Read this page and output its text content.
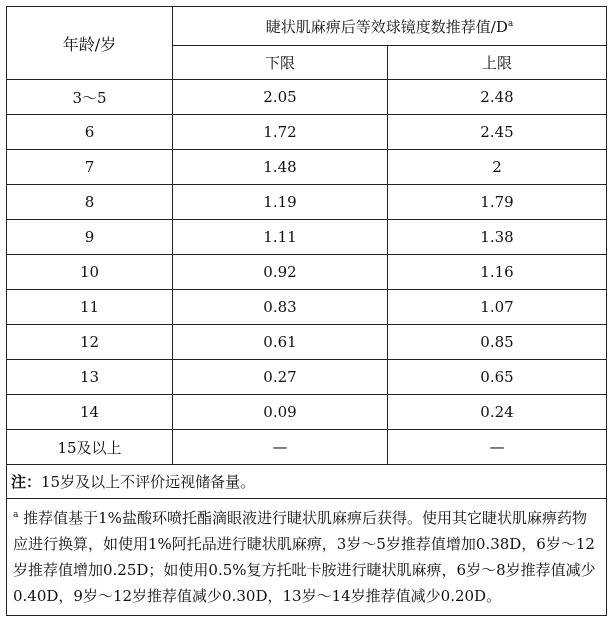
年龄/岁	睫状肌麻痹后等效球镜度数推荐值$/D^a$
	下限	上限
3～5	2.05	2.48
6	1.72	2.45
7	1.48	2
8	1.19	1.79
9	1.11	1.38
10	0.92	1.16
11	0.83	1.07
12	0.61	0.85
13	0.27	0.65
14	0.09	0.24
15及以上	—	—
注：15岁及以上不评价远视储备量。		
$^a$ 推荐值基于1%盐酸环喷托酯滴眼液进行睫状肌麻痹后获得。使用其它睫状肌麻痹药物应进行换算，如使用1%阿托品进行睫状肌麻痹，3岁～5岁推荐值增加0.38D，6岁～12岁推荐值增加0.25D；如使用0.5%复方托吡卡胺进行睫状肌麻痹，6岁～8岁推荐值减少0.40D，9岁～12岁推荐值减少0.30D，13岁～14岁推荐值减少0.20D。		
